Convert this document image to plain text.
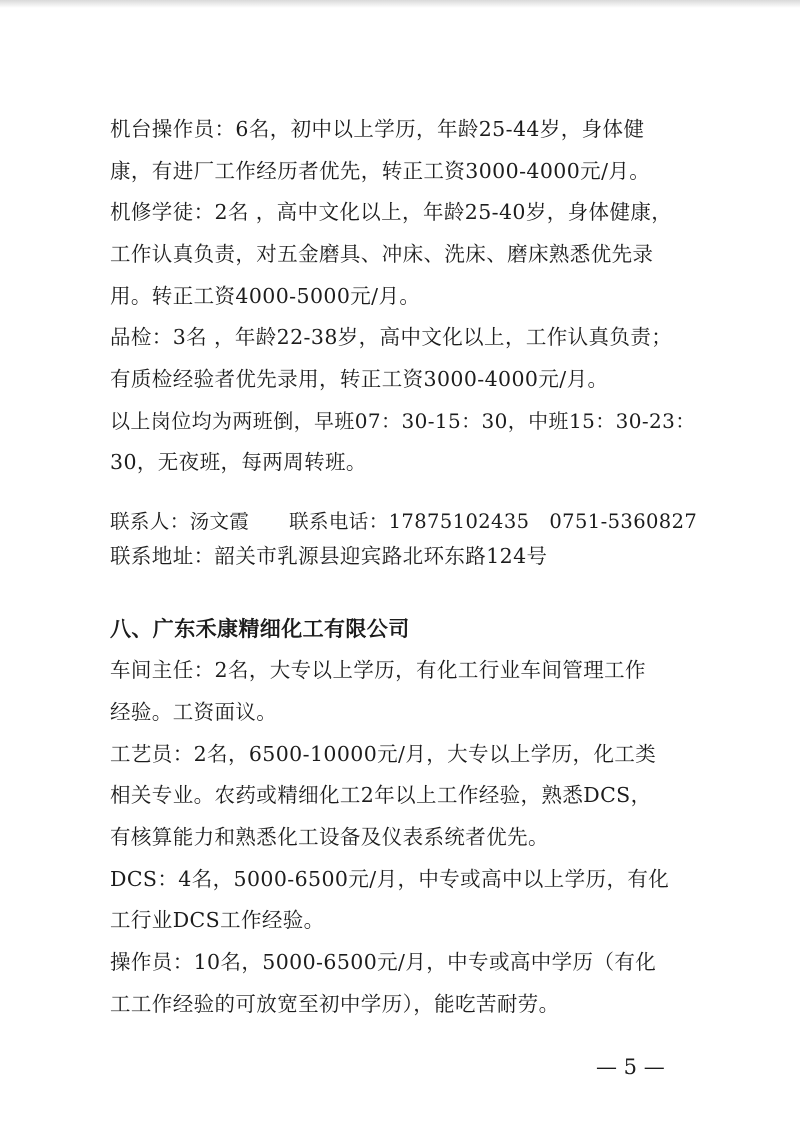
机台操作员：6名，初中以上学历，年龄25-44岁，身体健
康，有进厂工作经历者优先，转正工资3000-4000元/月。
机修学徒：2名 ，高中文化以上，年龄25-40岁，身体健康，
工作认真负责，对五金磨具、冲床、洗床、磨床熟悉优先录
用。转正工资4000-5000元/月。
品检：3名 ，年龄22-38岁，高中文化以上，工作认真负责；
有质检经验者优先录用，转正工资3000-4000元/月。
以上岗位均为两班倒，早班07：30-15：30，中班15：30-23：
30，无夜班，每两周转班。
联系人：汤文霞　　联系电话：17875102435　0751-5360827
联系地址：韶关市乳源县迎宾路北环东路124号
八、广东禾康精细化工有限公司
车间主任：2名，大专以上学历，有化工行业车间管理工作
经验。工资面议。
工艺员：2名，6500-10000元/月，大专以上学历，化工类
相关专业。农药或精细化工2年以上工作经验，熟悉DCS，
有核算能力和熟悉化工设备及仪表系统者优先。
DCS：4名，5000-6500元/月，中专或高中以上学历，有化
工行业DCS工作经验。
操作员：10名，5000-6500元/月，中专或高中学历（有化
工工作经验的可放宽至初中学历），能吃苦耐劳。
— 5 —
